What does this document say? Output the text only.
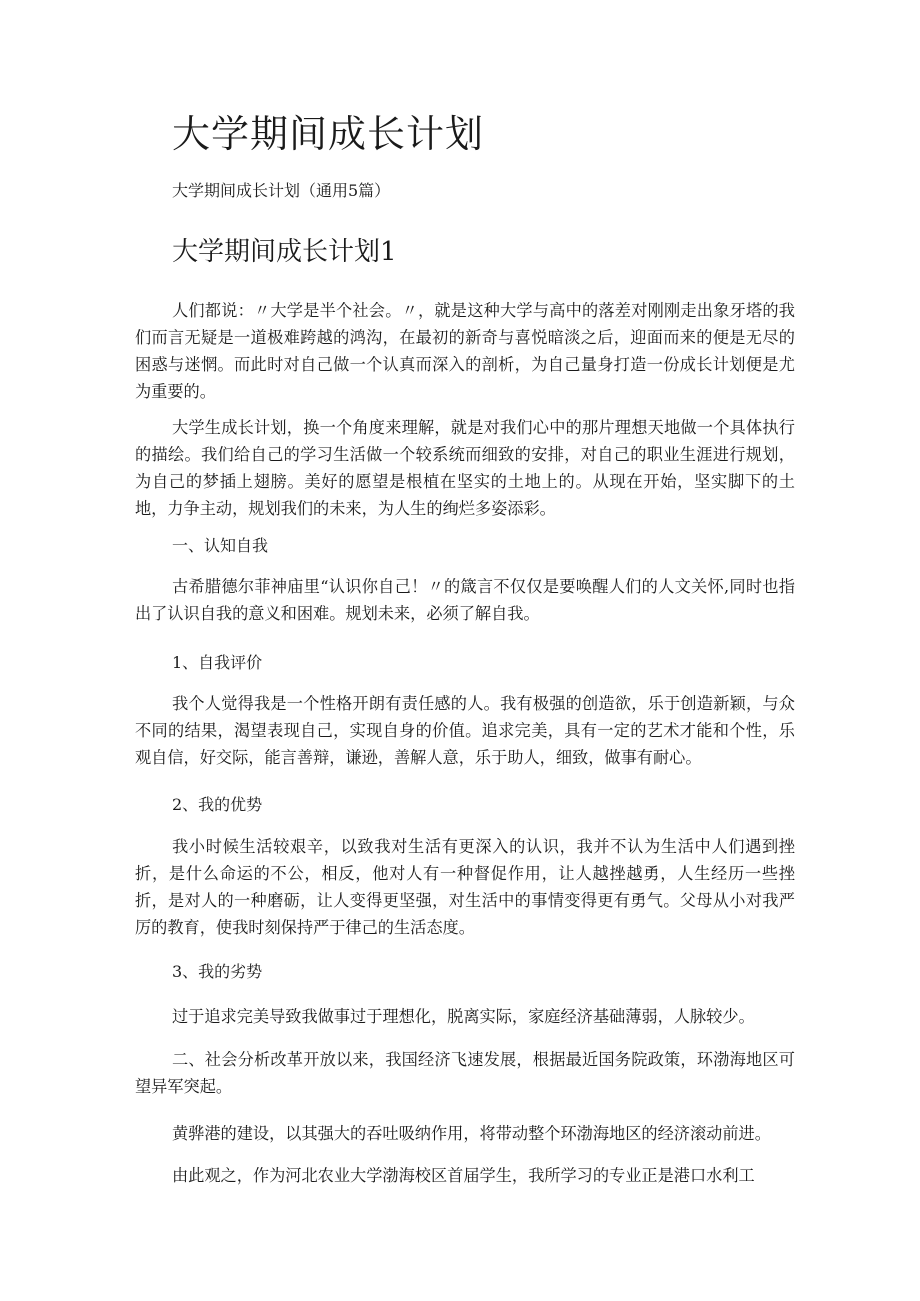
大学期间成长计划
大学期间成长计划（通用5篇）
大学期间成长计划1

人们都说：〃大学是半个社会。〃，就是这种大学与高中的落差对刚刚走出象牙塔的我们而言无疑是一道极难跨越的鸿沟，在最初的新奇与喜悦暗淡之后，迎面而来的便是无尽的困惑与迷惘。而此时对自己做一个认真而深入的剖析，为自己量身打造一份成长计划便是尤为重要的。

大学生成长计划，换一个角度来理解，就是对我们心中的那片理想天地做一个具体执行的描绘。我们给自己的学习生活做一个较系统而细致的安排，对自己的职业生涯进行规划，为自己的梦插上翅膀。美好的愿望是根植在坚实的土地上的。从现在开始，坚实脚下的土地，力争主动，规划我们的未来，为人生的绚烂多姿添彩。

一、认知自我

古希腊德尔菲神庙里“认识你自己！〃的箴言不仅仅是要唤醒人们的人文关怀,同时也指出了认识自我的意义和困难。规划未来，必须了解自我。

1、自我评价

我个人觉得我是一个性格开朗有责任感的人。我有极强的创造欲，乐于创造新颖，与众不同的结果，渴望表现自己，实现自身的价值。追求完美，具有一定的艺术才能和个性，乐观自信，好交际，能言善辩，谦逊，善解人意，乐于助人，细致，做事有耐心。

2、我的优势

我小时候生活较艰辛，以致我对生活有更深入的认识，我并不认为生活中人们遇到挫折，是什么命运的不公，相反，他对人有一种督促作用，让人越挫越勇，人生经历一些挫折，是对人的一种磨砺，让人变得更坚强，对生活中的事情变得更有勇气。父母从小对我严厉的教育，使我时刻保持严于律己的生活态度。

3、我的劣势

过于追求完美导致我做事过于理想化，脱离实际，家庭经济基础薄弱，人脉较少。

二、社会分析改革开放以来，我国经济飞速发展，根据最近国务院政策，环渤海地区可望异军突起。

黄骅港的建设，以其强大的吞吐吸纳作用，将带动整个环渤海地区的经济滚动前进。

由此观之，作为河北农业大学渤海校区首届学生，我所学习的专业正是港口水利工
